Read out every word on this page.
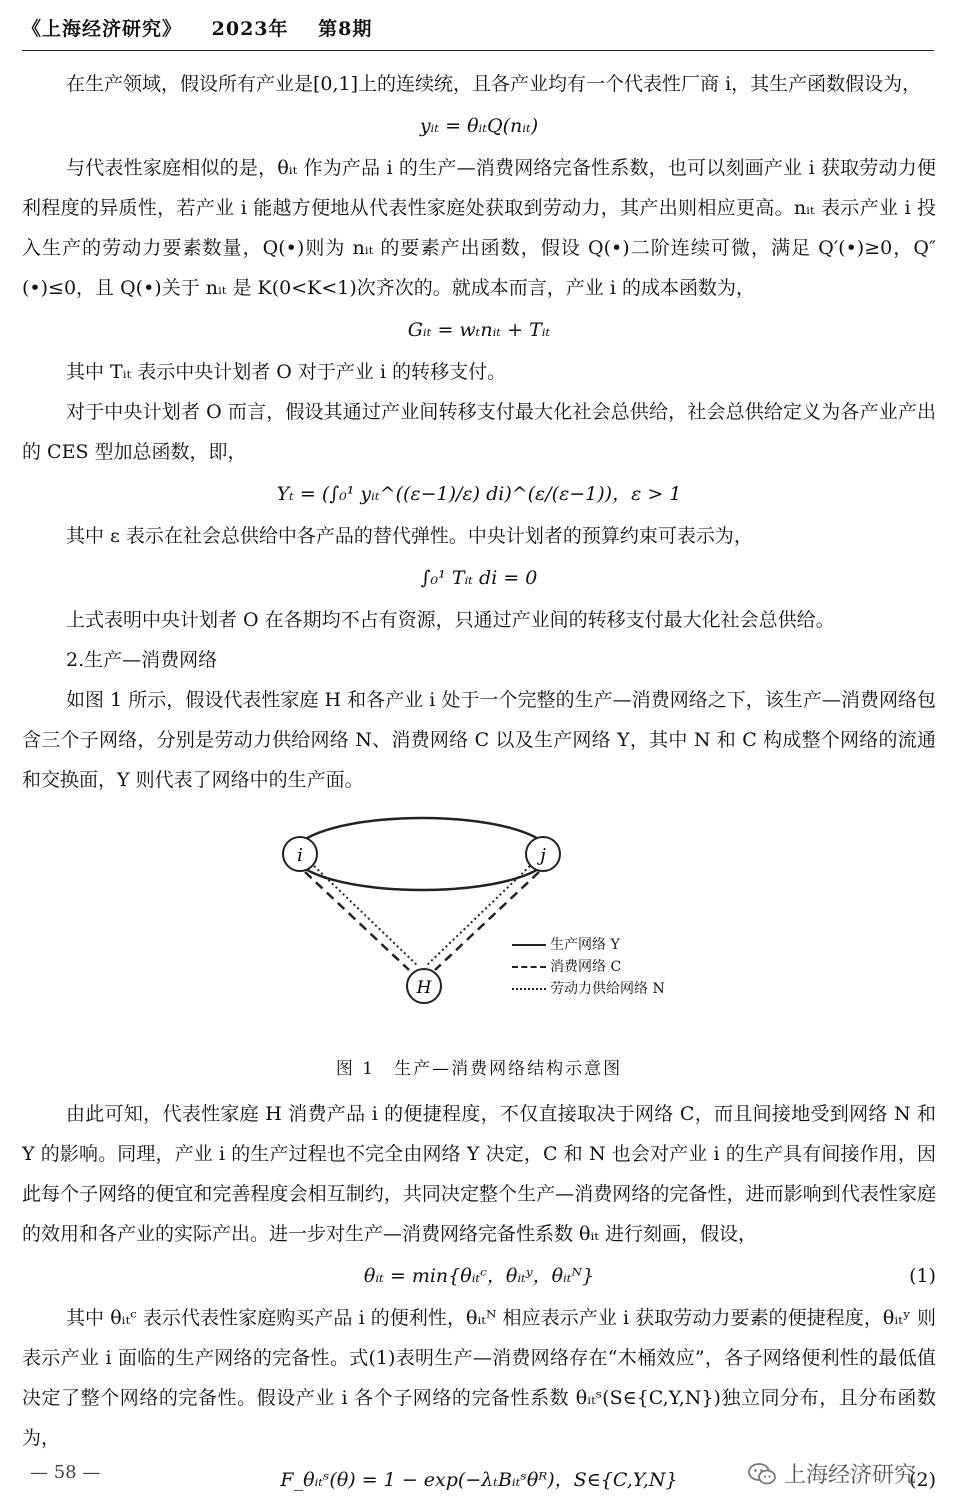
《上海经济研究》 2023年 第8期

在生产领域，假设所有产业是[0,1]上的连续统，且各产业均有一个代表性厂商 i，其生产函数假设为，

yᵢₜ = θᵢₜQ(nᵢₜ)

与代表性家庭相似的是，θᵢₜ 作为产品 i 的生产—消费网络完备性系数，也可以刻画产业 i 获取劳动力便利程度的异质性，若产业 i 能越方便地从代表性家庭处获取到劳动力，其产出则相应更高。nᵢₜ 表示产业 i 投入生产的劳动力要素数量，Q(•)则为 nᵢₜ 的要素产出函数，假设 Q(•)二阶连续可微，满足 Q′(•)≥0，Q″(•)≤0，且 Q(•)关于 nᵢₜ 是 K(0<K<1)次齐次的。就成本而言，产业 i 的成本函数为，

Gᵢₜ = wₜnᵢₜ + Tᵢₜ

其中 Tᵢₜ 表示中央计划者 O 对于产业 i 的转移支付。

对于中央计划者 O 而言，假设其通过产业间转移支付最大化社会总供给，社会总供给定义为各产业产出的 CES 型加总函数，即，

Yₜ = (∫₀¹ yᵢₜ^((ε−1)/ε) di)^(ε/(ε−1))，ε > 1

其中 ε 表示在社会总供给中各产品的替代弹性。中央计划者的预算约束可表示为，

∫₀¹ Tᵢₜ di = 0

上式表明中央计划者 O 在各期均不占有资源，只通过产业间的转移支付最大化社会总供给。

2.生产—消费网络

如图 1 所示，假设代表性家庭 H 和各产业 i 处于一个完整的生产—消费网络之下，该生产—消费网络包含三个子网络，分别是劳动力供给网络 N、消费网络 C 以及生产网络 Y，其中 N 和 C 构成整个网络的流通和交换面，Y 则代表了网络中的生产面。

i	j
H
生产网络 Y
消费网络 C
劳动力供给网络 N
图 1　生产—消费网络结构示意图

由此可知，代表性家庭 H 消费产品 i 的便捷程度，不仅直接取决于网络 C，而且间接地受到网络 N 和 Y 的影响。同理，产业 i 的生产过程也不完全由网络 Y 决定，C 和 N 也会对产业 i 的生产具有间接作用，因此每个子网络的便宜和完善程度会相互制约，共同决定整个生产—消费网络的完备性，进而影响到代表性家庭的效用和各产业的实际产出。进一步对生产—消费网络完备性系数 θᵢₜ 进行刻画，假设，

θᵢₜ = min{θᵢₜᶜ，θᵢₜʸ，θᵢₜᴺ}	(1)

其中 θᵢₜᶜ 表示代表性家庭购买产品 i 的便利性，θᵢₜᴺ 相应表示产业 i 获取劳动力要素的便捷程度，θᵢₜʸ 则表示产业 i 面临的生产网络的完备性。式(1)表明生产—消费网络存在“木桶效应”，各子网络便利性的最低值决定了整个网络的完备性。假设产业 i 各个子网络的完备性系数 θᵢₜˢ(S∈{C,Y,N})独立同分布，且分布函数为，

F_θᵢₜˢ(θ) = 1 − exp(−λₜBᵢₜˢθᴿ)，S∈{C,Y,N}	(2)

— 58 —	上海经济研究
